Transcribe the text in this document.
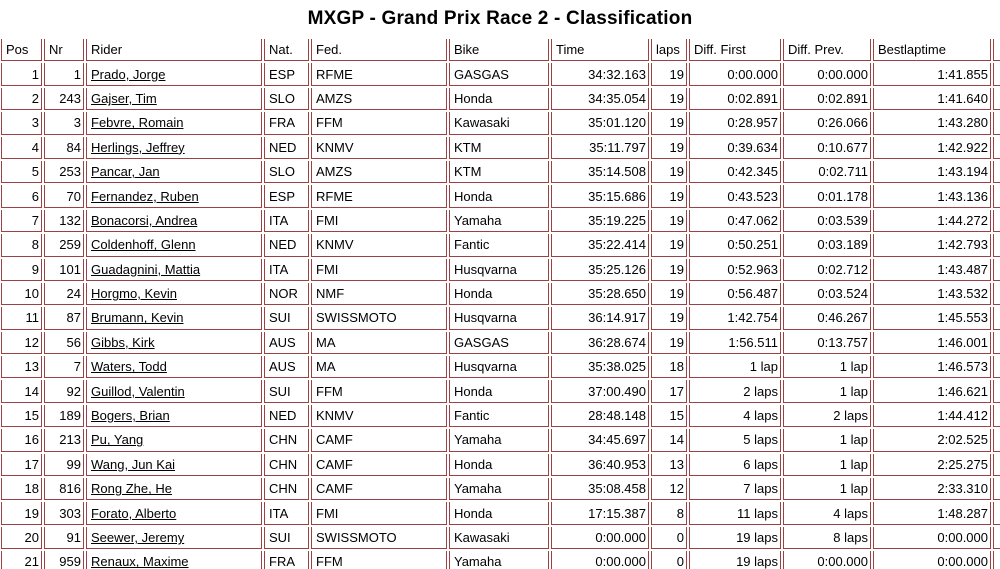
MXGP - Grand Prix Race 2 - Classification
Pos	Nr	Rider	Nat.	Fed.	Bike	Time	laps	Diff. First	Diff. Prev.	Bestlaptime	
1	1	Prado, Jorge	ESP	RFME	GASGAS	34:32.163	19	0:00.000	0:00.000	1:41.855	
2	243	Gajser, Tim	SLO	AMZS	Honda	34:35.054	19	0:02.891	0:02.891	1:41.640	
3	3	Febvre, Romain	FRA	FFM	Kawasaki	35:01.120	19	0:28.957	0:26.066	1:43.280	
4	84	Herlings, Jeffrey	NED	KNMV	KTM	35:11.797	19	0:39.634	0:10.677	1:42.922	
5	253	Pancar, Jan	SLO	AMZS	KTM	35:14.508	19	0:42.345	0:02.711	1:43.194	
6	70	Fernandez, Ruben	ESP	RFME	Honda	35:15.686	19	0:43.523	0:01.178	1:43.136	
7	132	Bonacorsi, Andrea	ITA	FMI	Yamaha	35:19.225	19	0:47.062	0:03.539	1:44.272	
8	259	Coldenhoff, Glenn	NED	KNMV	Fantic	35:22.414	19	0:50.251	0:03.189	1:42.793	
9	101	Guadagnini, Mattia	ITA	FMI	Husqvarna	35:25.126	19	0:52.963	0:02.712	1:43.487	
10	24	Horgmo, Kevin	NOR	NMF	Honda	35:28.650	19	0:56.487	0:03.524	1:43.532	
11	87	Brumann, Kevin	SUI	SWISSMOTO	Husqvarna	36:14.917	19	1:42.754	0:46.267	1:45.553	
12	56	Gibbs, Kirk	AUS	MA	GASGAS	36:28.674	19	1:56.511	0:13.757	1:46.001	
13	7	Waters, Todd	AUS	MA	Husqvarna	35:38.025	18	1 lap	1 lap	1:46.573	
14	92	Guillod, Valentin	SUI	FFM	Honda	37:00.490	17	2 laps	1 lap	1:46.621	
15	189	Bogers, Brian	NED	KNMV	Fantic	28:48.148	15	4 laps	2 laps	1:44.412	
16	213	Pu, Yang	CHN	CAMF	Yamaha	34:45.697	14	5 laps	1 lap	2:02.525	
17	99	Wang, Jun Kai	CHN	CAMF	Honda	36:40.953	13	6 laps	1 lap	2:25.275	
18	816	Rong Zhe, He	CHN	CAMF	Yamaha	35:08.458	12	7 laps	1 lap	2:33.310	
19	303	Forato, Alberto	ITA	FMI	Honda	17:15.387	8	11 laps	4 laps	1:48.287	
20	91	Seewer, Jeremy	SUI	SWISSMOTO	Kawasaki	0:00.000	0	19 laps	8 laps	0:00.000	
21	959	Renaux, Maxime	FRA	FFM	Yamaha	0:00.000	0	19 laps	0:00.000	0:00.000	
